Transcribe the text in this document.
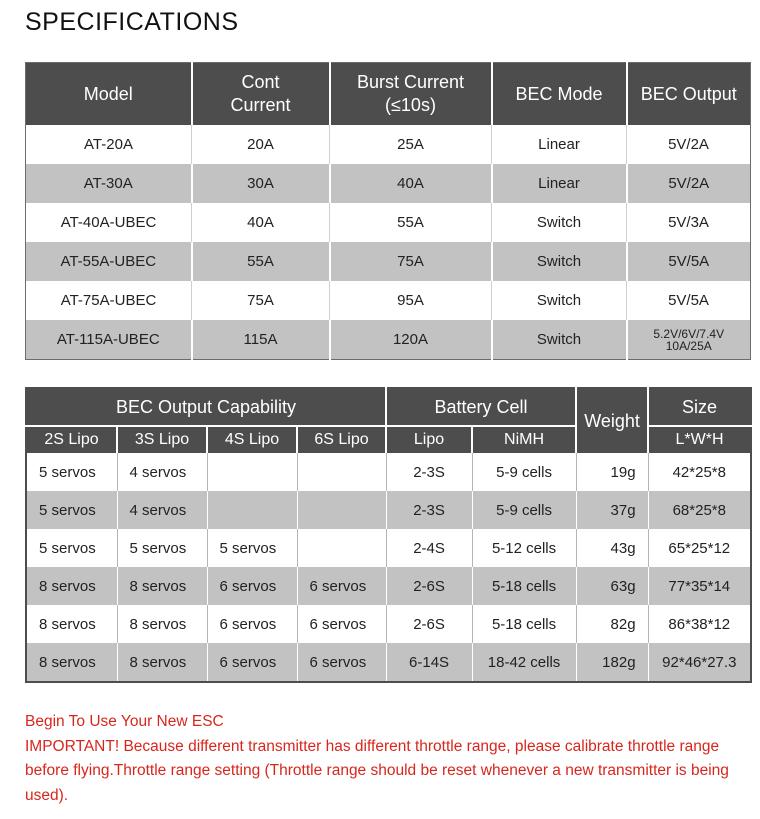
SPECIFICATIONS
Model	Cont Current	Burst Current (≤10s)	BEC Mode	BEC Output
AT-20A	20A	25A	Linear	5V/2A
AT-30A	30A	40A	Linear	5V/2A
AT-40A-UBEC	40A	55A	Switch	5V/3A
AT-55A-UBEC	55A	75A	Switch	5V/5A
AT-75A-UBEC	75A	95A	Switch	5V/5A
AT-115A-UBEC	115A	120A	Switch	5.2V/6V/7.4V 10A/25A
BEC Output Capability				Battery Cell		Weight	Size
2S Lipo	3S Lipo	4S Lipo	6S Lipo	Lipo	NiMH		L*W*H
5 servos	4 servos			2-3S	5-9 cells	19g	42*25*8
5 servos	4 servos			2-3S	5-9 cells	37g	68*25*8
5 servos	5 servos	5 servos		2-4S	5-12 cells	43g	65*25*12
8 servos	8 servos	6 servos	6 servos	2-6S	5-18 cells	63g	77*35*14
8 servos	8 servos	6 servos	6 servos	2-6S	5-18 cells	82g	86*38*12
8 servos	8 servos	6 servos	6 servos	6-14S	18-42 cells	182g	92*46*27.3
Begin To Use Your New ESC
IMPORTANT! Because different transmitter has different throttle range, please calibrate throttle range before flying.Throttle range setting (Throttle range should be reset whenever a new transmitter is being used).
